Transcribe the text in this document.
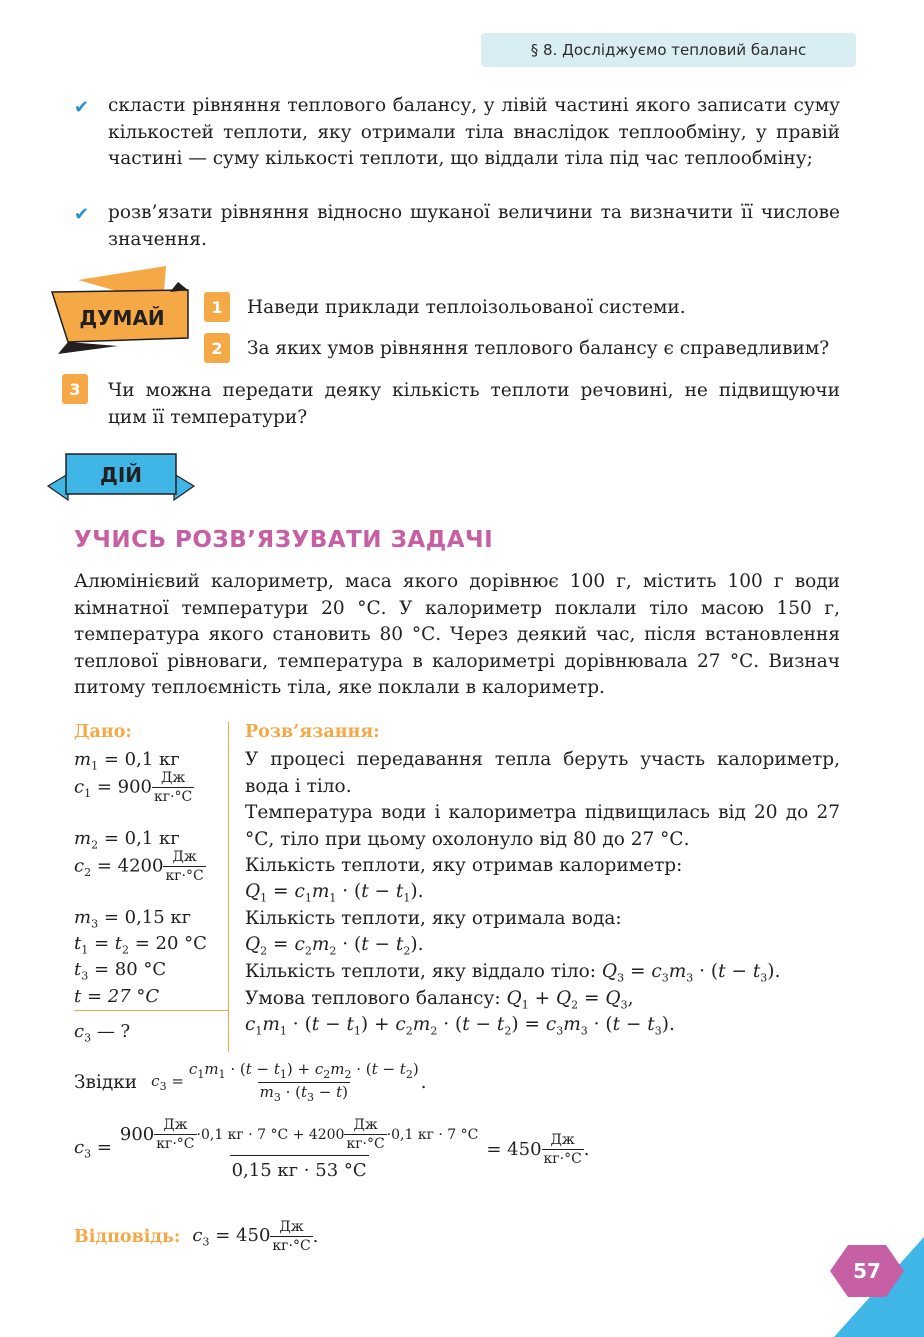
§ 8. Досліджуємо тепловий баланс
✔ скласти рівняння теплового балансу, у лівій частині якого записати суму кількостей теплоти, яку отримали тіла внаслідок теплообміну, у правій частині — суму кількості теплоти, що віддали тіла під час теплообміну;
✔ розв’язати рівняння відносно шуканої величини та визначити її числове значення.
ДУМАЙ	1	Наведи приклади теплоізольованої системи.
2	За яких умов рівняння теплового балансу є справедливим?
3	Чи можна передати деяку кількість теплоти речовині, не підвищуючи цим її температури?
ДІЙ
УЧИСЬ РОЗВ’ЯЗУВАТИ ЗАДАЧІ
Алюмінієвий калориметр, маса якого дорівнює 100 г, містить 100 г води кімнатної температури 20 °С. У калориметр поклали тіло масою 150 г, температура якого становить 80 °С. Через деякий час, після встановлення теплової рівноваги, температура в калориметрі дорівнювала 27 °С. Визнач питому теплоємність тіла, яке поклали в калориметр.
Дано:
$m_1 = 0,1$ кг
$c_1 = 900 \frac{Дж}{кг\cdot^\circ С}$
$m_2 = 0,1$ кг
$c_2 = 4200 \frac{Дж}{кг\cdot^\circ С}$
$m_3 = 0,15$ кг
$t_1 = t_2 = 20$ °С
$t_3 = 80$ °С
t = 27 °С
$c_3$ — ?
Розв’язання:
У процесі передавання тепла беруть участь калориметр, вода і тіло.
Температура води і калориметра підвищилась від 20 до 27 °С, тіло при цьому охолонуло від 80 до 27 °С.
Кількість теплоти, яку отримав калориметр:
$Q_1 = c_1m_1 \cdot (t - t_1)$.
Кількість теплоти, яку отримала вода:
$Q_2 = c_2m_2 \cdot (t - t_2)$.
Кількість теплоти, яку віддало тіло: $Q_3 = c_3m_3 \cdot (t - t_3)$.
Умова теплового балансу: $Q_1 + Q_2 = Q_3$,
$c_1m_1 \cdot (t - t_1) + c_2m_2 \cdot (t - t_2) = c_3m_3 \cdot (t - t_3)$.
Звідки $c_3 = \frac{c_1m_1 \cdot (t - t_1) + c_2m_2 \cdot (t - t_2)}{m_3 \cdot (t_3 - t)}$ .
$c_3$ =
$900 \frac{Дж}{кг\cdot^\circ С} \cdot 0,1$ кг · 7 $^\circ С + 4200 \frac{Дж}{кг\cdot^\circ С} \cdot 0,1$ кг · 7 °С
0,15 кг · 53 °С
= $450 \frac{Дж}{кг\cdot^\circ С}$ .
Відповідь: $c_3 = 450 \frac{Дж}{кг\cdot^\circ С}$ .
57
